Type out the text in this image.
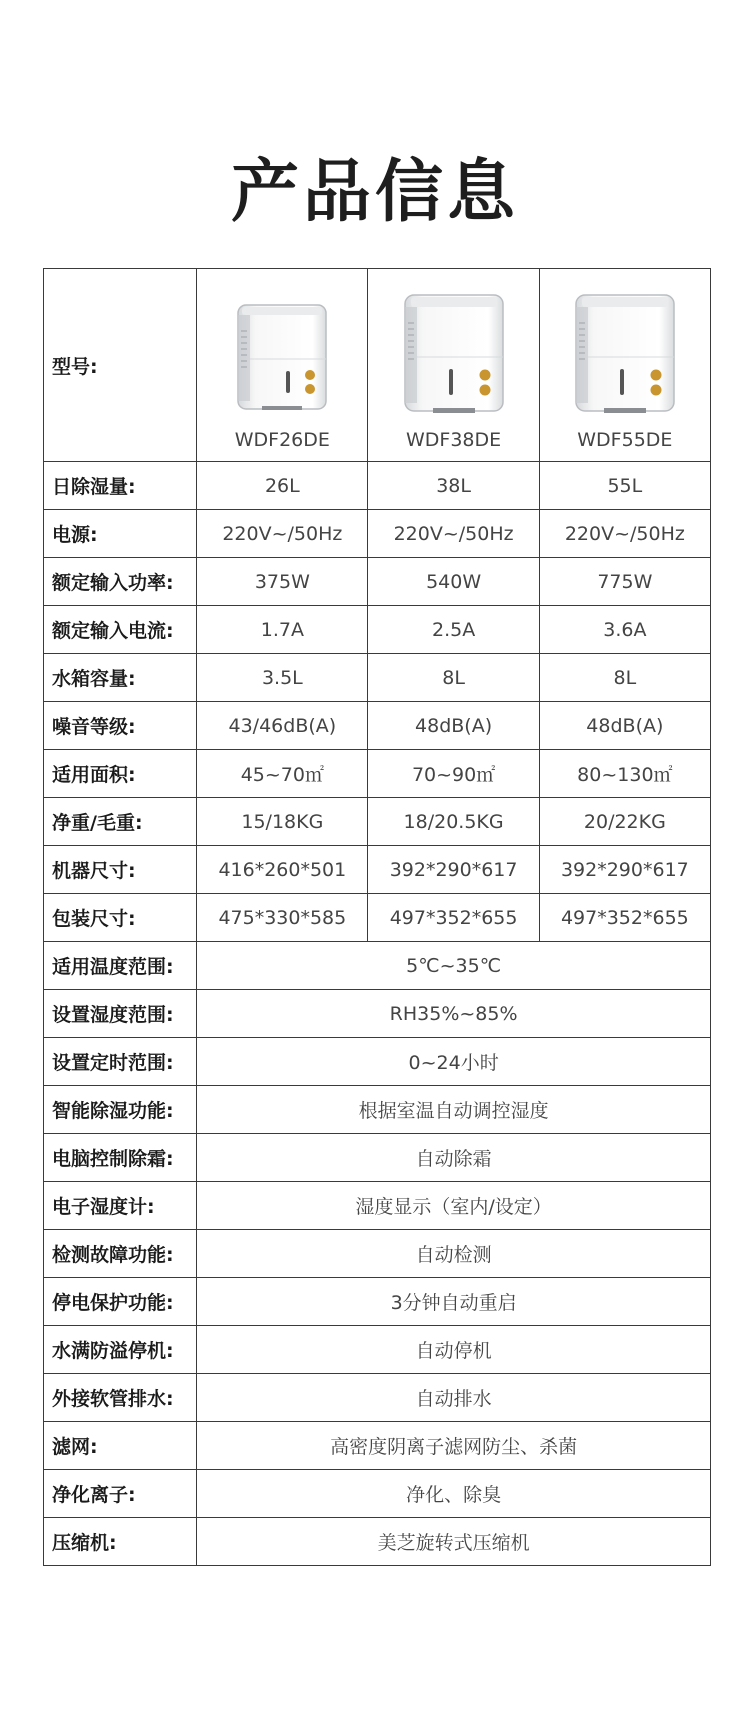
产品信息
型号:	WDF26DE	WDF38DE	WDF55DE

日除湿量:	26L	38L	55L
电源:	220V~/50Hz	220V~/50Hz	220V~/50Hz
额定输入功率:	375W	540W	775W
额定输入电流:	1.7A	2.5A	3.6A
水箱容量:	3.5L	8L	8L
噪音等级:	43/46dB(A)	48dB(A)	48dB(A)
适用面积:	45~70㎡	70~90㎡	80~130㎡
净重/毛重:	15/18KG	18/20.5KG	20/22KG
机器尺寸:	416*260*501	392*290*617	392*290*617
包装尺寸:	475*330*585	497*352*655	497*352*655
适用温度范围:	5℃~35℃		
设置湿度范围:	RH35%~85%		
设置定时范围:	0~24小时		
智能除湿功能:	根据室温自动调控湿度		
电脑控制除霜:	自动除霜		
电子湿度计:	湿度显示（室内/设定）		
检测故障功能:	自动检测		
停电保护功能:	3分钟自动重启		
水满防溢停机:	自动停机		
外接软管排水:	自动排水		
滤网:	高密度阴离子滤网防尘、杀菌		
净化离子:	净化、除臭		
压缩机:	美芝旋转式压缩机		
